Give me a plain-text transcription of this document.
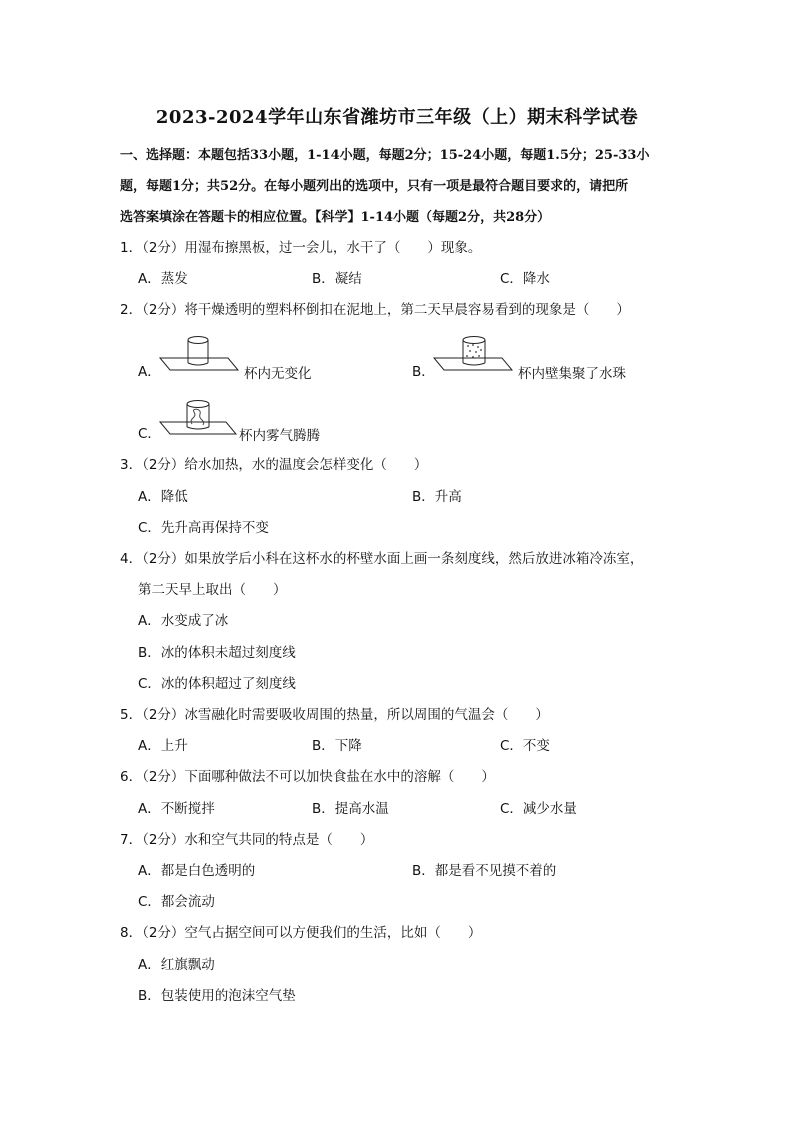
2023-2024学年山东省潍坊市三年级（上）期末科学试卷
一、选择题：本题包括33小题，1-14小题，每题2分；15-24小题，每题1.5分；25-33小
题，每题1分；共52分。在每小题列出的选项中，只有一项是最符合题目要求的，请把所
选答案填涂在答题卡的相应位置。【科学】1-14小题（每题2分，共28分）
1．（2分）用湿布擦黑板，过一会儿，水干了（　　）现象。
A．蒸发	B．凝结	C．降水
2．（2分）将干燥透明的塑料杯倒扣在泥地上，第二天早晨容易看到的现象是（　　）
A．	杯内无变化	B．	杯内壁集聚了水珠
C．	杯内雾气腾腾
3．（2分）给水加热，水的温度会怎样变化（　　）
A．降低	B．升高
C．先升高再保持不变
4．（2分）如果放学后小科在这杯水的杯壁水面上画一条刻度线，然后放进冰箱冷冻室，
第二天早上取出（　　）
A．水变成了冰
B．冰的体积未超过刻度线
C．冰的体积超过了刻度线
5．（2分）冰雪融化时需要吸收周围的热量，所以周围的气温会（　　）
A．上升	B．下降	C．不变
6．（2分）下面哪种做法不可以加快食盐在水中的溶解（　　）
A．不断搅拌	B．提高水温	C．减少水量
7．（2分）水和空气共同的特点是（　　）
A．都是白色透明的	B．都是看不见摸不着的
C．都会流动
8．（2分）空气占据空间可以方便我们的生活，比如（　　）
A．红旗飘动
B．包装使用的泡沫空气垫
